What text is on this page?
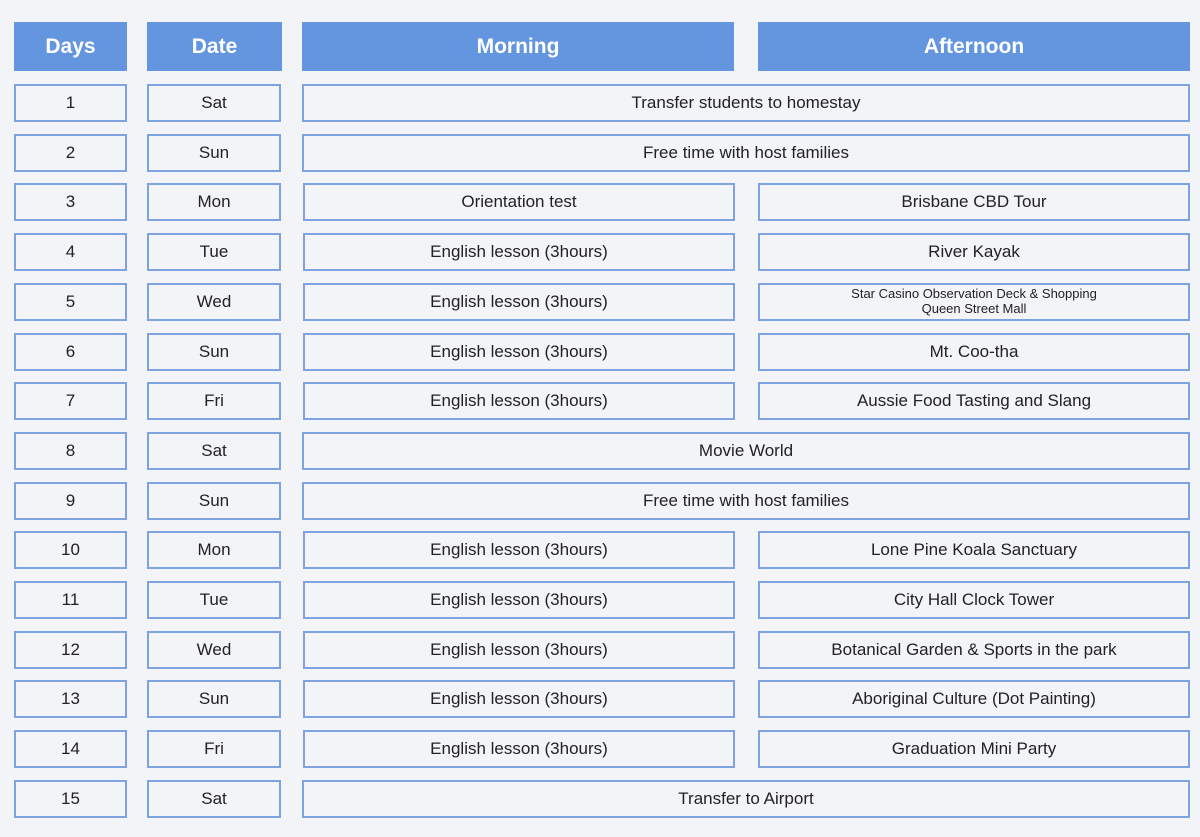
Days	Date	Morning	Afternoon
1	Sat	Transfer students to homestay
2	Sun	Free time with host families
3	Mon	Orientation test	Brisbane CBD Tour
4	Tue	English lesson (3hours)	River Kayak
5	Wed	English lesson (3hours)	Star Casino Observation Deck & Shopping
Queen Street Mall
6	Sun	English lesson (3hours)	Mt. Coo-tha
7	Fri	English lesson (3hours)	Aussie Food Tasting and Slang
8	Sat	Movie World
9	Sun	Free time with host families
10	Mon	English lesson (3hours)	Lone Pine Koala Sanctuary
11	Tue	English lesson (3hours)	City Hall Clock Tower
12	Wed	English lesson (3hours)	Botanical Garden & Sports in the park
13	Sun	English lesson (3hours)	Aboriginal Culture (Dot Painting)
14	Fri	English lesson (3hours)	Graduation Mini Party
15	Sat	Transfer to Airport
